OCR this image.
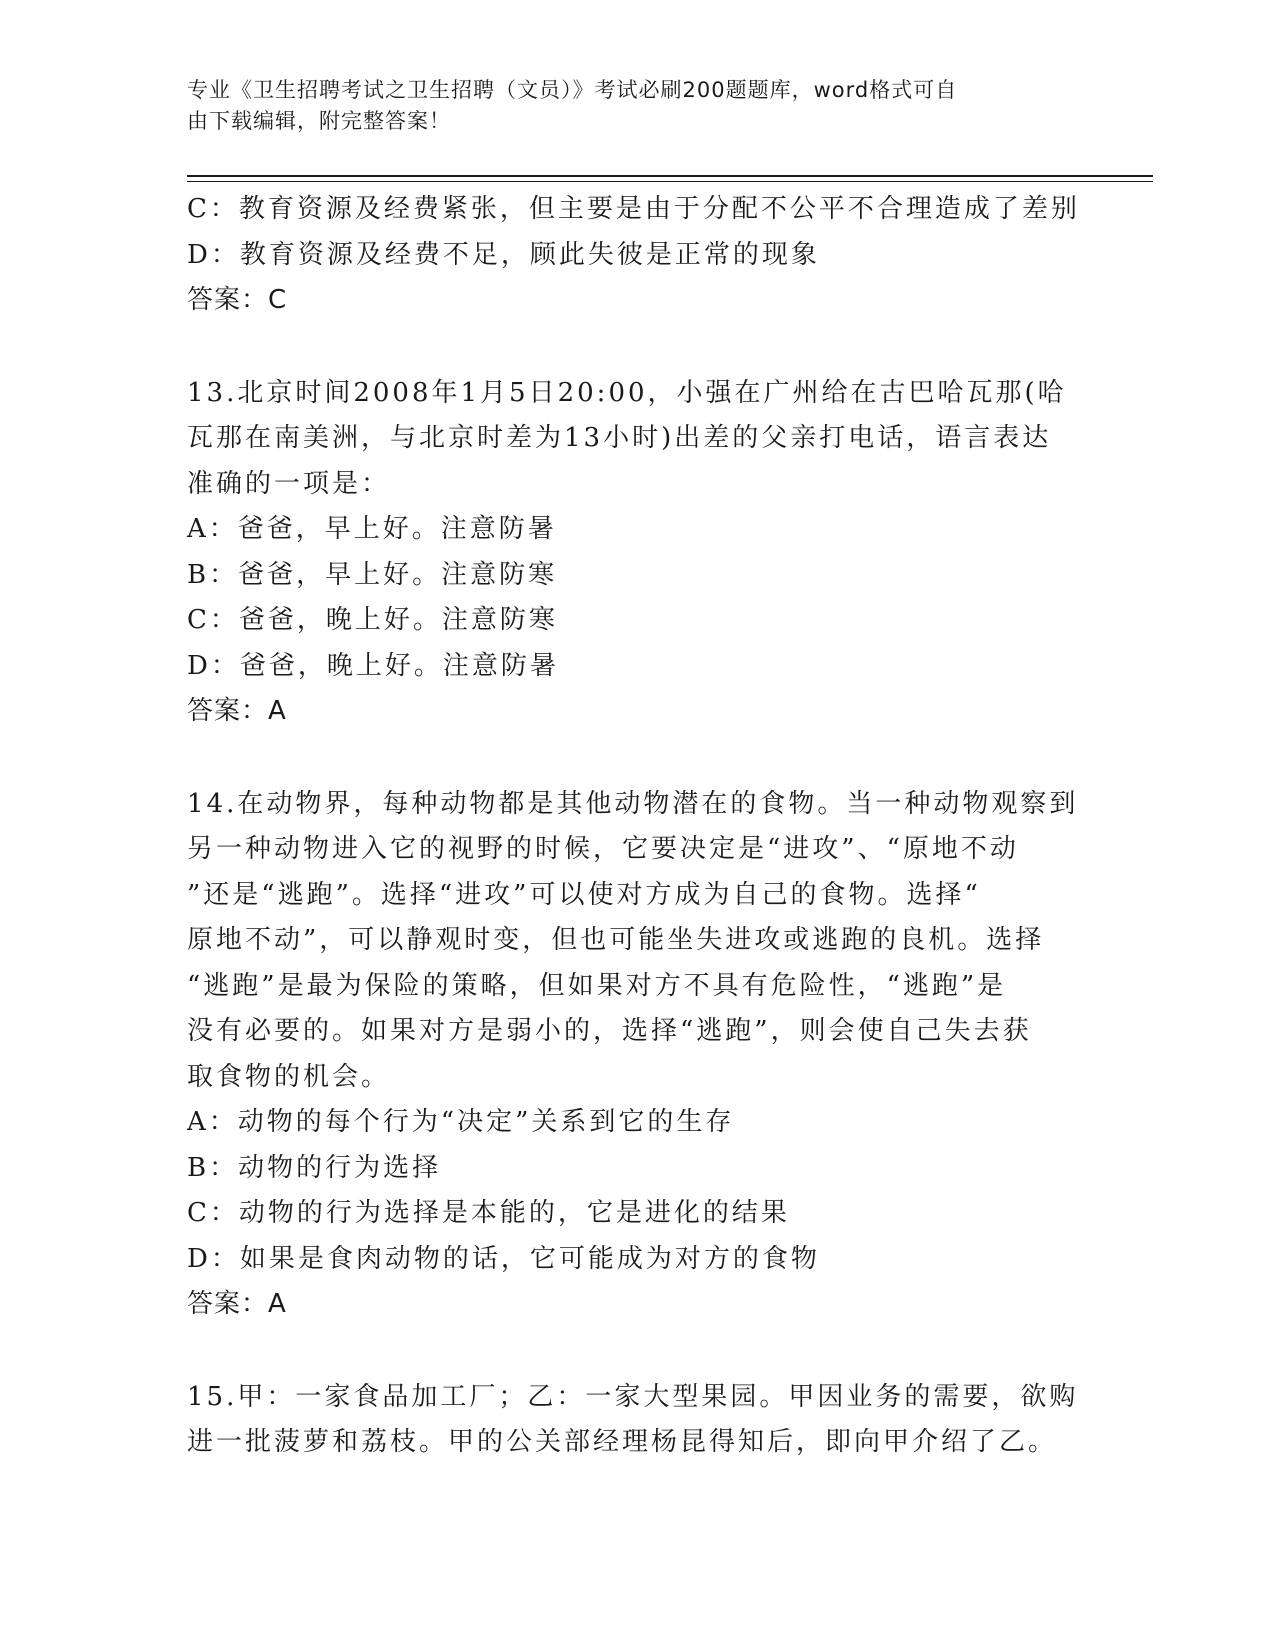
专业《卫生招聘考试之卫生招聘（文员）》考试必刷200题题库，word格式可自
由下载编辑，附完整答案！
C：教育资源及经费紧张，但主要是由于分配不公平不合理造成了差别
D：教育资源及经费不足，顾此失彼是正常的现象
答案：C
13.北京时间2008年1月5日20:00，小强在广州给在古巴哈瓦那(哈
瓦那在南美洲，与北京时差为13小时)出差的父亲打电话，语言表达
准确的一项是：
A：爸爸，早上好。注意防暑
B：爸爸，早上好。注意防寒
C：爸爸，晚上好。注意防寒
D：爸爸，晚上好。注意防暑
答案：A
14.在动物界，每种动物都是其他动物潜在的食物。当一种动物观察到
另一种动物进入它的视野的时候，它要决定是“进攻”、“原地不动
”还是“逃跑”。选择“进攻”可以使对方成为自己的食物。选择“
原地不动”，可以静观时变，但也可能坐失进攻或逃跑的良机。选择
“逃跑”是最为保险的策略，但如果对方不具有危险性，“逃跑”是
没有必要的。如果对方是弱小的，选择“逃跑”，则会使自己失去获
取食物的机会。
A：动物的每个行为“决定”关系到它的生存
B：动物的行为选择
C：动物的行为选择是本能的，它是进化的结果
D：如果是食肉动物的话，它可能成为对方的食物
答案：A
15.甲：一家食品加工厂；乙：一家大型果园。甲因业务的需要，欲购
进一批菠萝和荔枝。甲的公关部经理杨昆得知后，即向甲介绍了乙。
